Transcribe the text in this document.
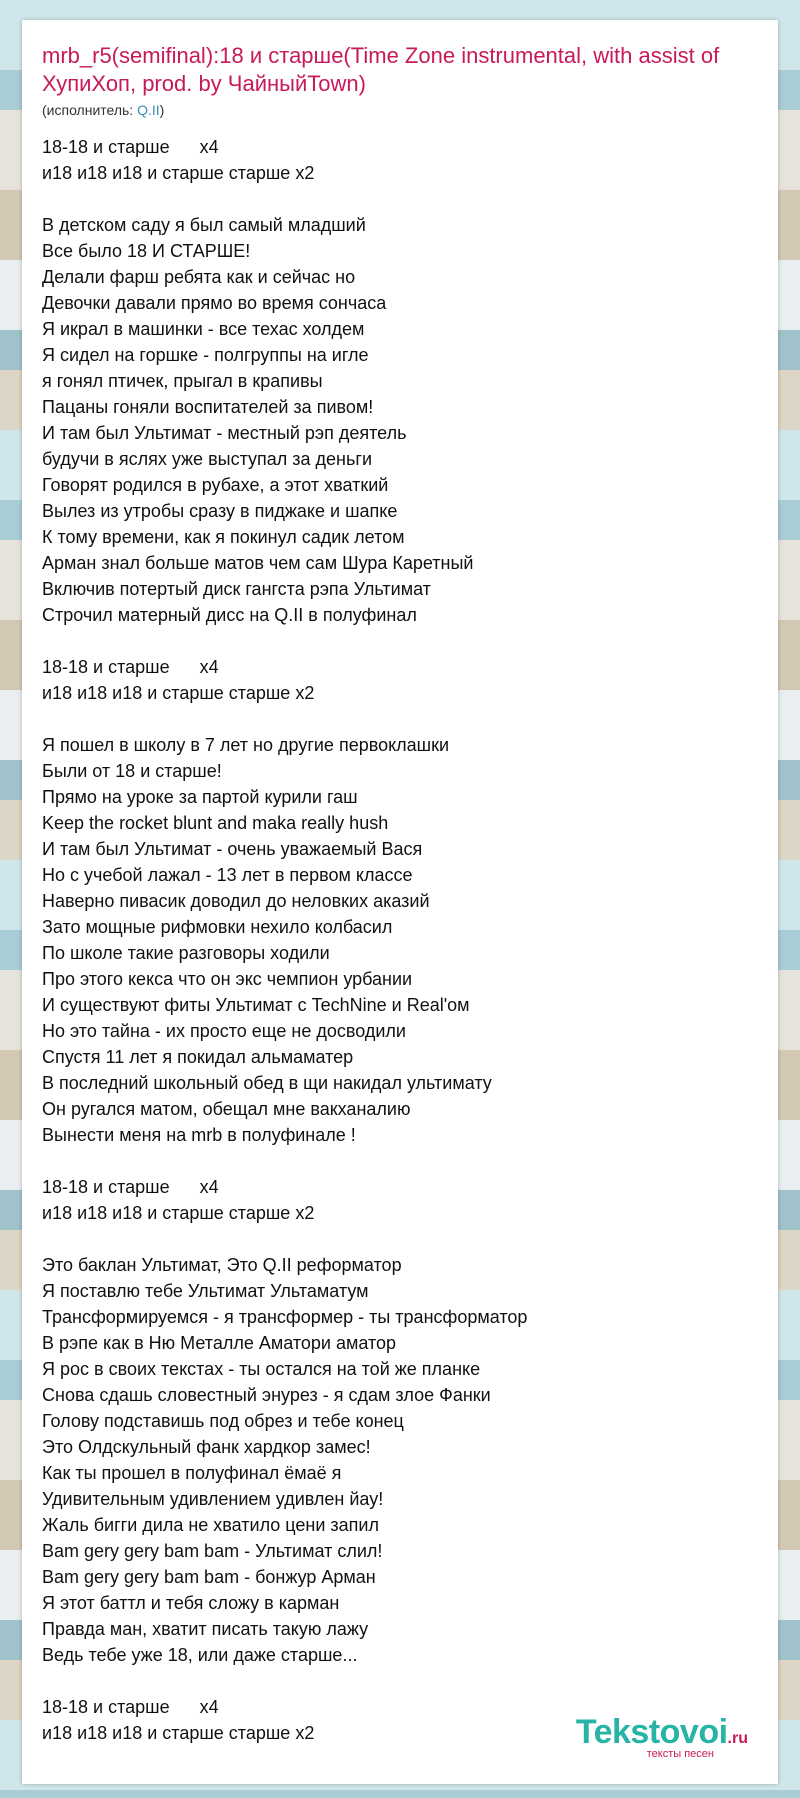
mrb_r5(semifinal):18 и старше(Time Zone instrumental, with assist of ХупиХоп, prod. by ЧайныйTown)
(исполнитель: Q.II)
18-18 и старше      x4
и18 и18 и18 и старше старше x2
В детском саду я был самый младший
Все было 18 И СТАРШЕ!
Делали фарш ребята как и сейчас но
Девочки давали прямо во время сончаса
Я икрал в машинки - все техас холдем
Я сидел на горшке - полгруппы на игле
я гонял птичек, прыгал в крапивы
Пацаны гоняли воспитателей за пивом!
И там был Ультимат - местный рэп деятель
будучи в яслях уже выступал за деньги
Говорят родился в рубахе, а этот хваткий
Вылез из утробы сразу в пиджаке и шапке
К тому времени, как я покинул садик летом
Арман знал больше матов чем сам Шура Каретный
Включив потертый диск гангста рэпа Ультимат
Строчил матерный дисс на Q.II в полуфинал
18-18 и старше      x4
и18 и18 и18 и старше старше x2
Я пошел в школу в 7 лет но другие первоклашки
Были от 18 и старше!
Прямо на уроке за партой курили гаш
Keep the rocket blunt and maka really hush
И там был Ультимат - очень уважаемый Вася
Но с учебой лажал - 13 лет в первом классе
Наверно пивасик доводил до неловких аказий
Зато мощные рифмовки нехило колбасил
По школе такие разговоры ходили
Про этого кекса что он экс чемпион урбании
И существуют фиты Ультимат с TechNine и Real'ом
Но это тайна - их просто еще не досводили
Спустя 11 лет я покидал альмаматер
В последний школьный обед в щи накидал ультимату
Он ругался матом, обещал мне вакханалию
Вынести меня на mrb в полуфинале !
18-18 и старше      x4
и18 и18 и18 и старше старше x2
Это баклан Ультимат, Это Q.II реформатор
Я поставлю тебе Ультимат Ультаматум
Трансформируемся - я трансформер - ты трансформатор
В рэпе как в Ню Металле Аматори аматор
Я рос в своих текстах - ты остался на той же планке
Снова сдашь словестный энурез - я сдам злое Фанки
Голову подставишь под обрез и тебе конец
Это Олдскульный фанк хардкор замес!
Как ты прошел в полуфинал ёмаё я
Удивительным удивлением удивлен йау!
Жаль бигги дила не хватило цени запил
Bam gery gery bam bam - Ультимат слил!
Bam gery gery bam bam - бонжур Арман
Я этот баттл и тебя сложу в карман
Правда ман, хватит писать такую лажу
Ведь тебе уже 18, или даже старше...
18-18 и старше      x4
и18 и18 и18 и старше старше x2	Tekstovoi.ru
тексты песен
